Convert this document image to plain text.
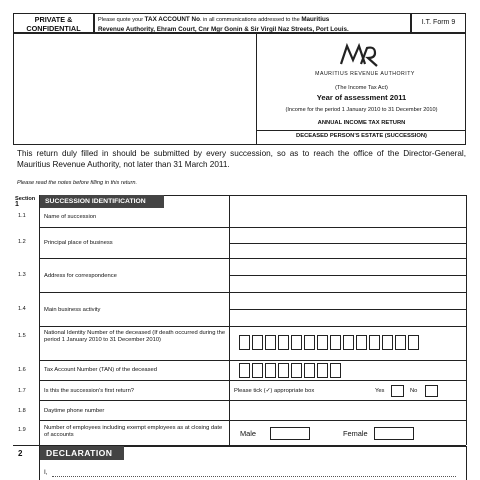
PRIVATE &
CONFIDENTIAL
Please quote your TAX ACCOUNT No. in all communications addressed to the Mauritius
Revenue Authority, Ehram Court, Cnr Mgr Gonin & Sir Virgil Naz Streets, Port Louis.
I.T. Form 9
MAURITIUS REVENUE AUTHORITY
(The Income Tax Act)
Year of assessment 2011
(Income for the period 1 January 2010 to 31 December 2010)
ANNUAL INCOME TAX RETURN
DECEASED PERSON'S ESTATE (SUCCESSION)
This return duly filled in should be submitted by every succession, so as to reach the office of the Director-General, Mauritius Revenue Authority, not later than 31 March 2011.
Please read the notes before filling in this return.
Section
1	SUCCESSION IDENTIFICATION
1.1	Name of succession
1.2	Principal place of business
1.3	Address for correspondence
1.4	Main business activity
1.5	National Identity Number of the deceased (If death occurred during the period 1 January 2010 to 31 December 2010)
1.6	Tax Account Number (TAN) of the deceased
1.7	Is this the succession's first return?	Please tick (✓) appropriate box	Yes	No
1.8	Daytime phone number
1.9	Number of employees including exempt employees as at closing date of accounts	Male	Female
2	DECLARATION
I,
